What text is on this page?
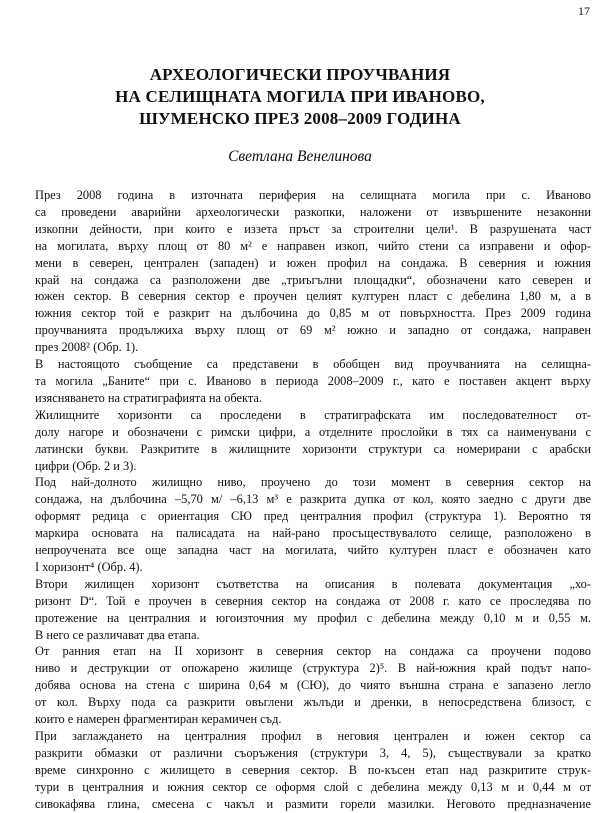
17
АРХЕОЛОГИЧЕСКИ ПРОУЧВАНИЯ
НА СЕЛИЩНАТА МОГИЛА ПРИ ИВАНОВО,
ШУМЕНСКО ПРЕЗ 2008–2009 ГОДИНА
Светлана Венелинова

През 2008 година в източната периферия на селищната могила при с. Иваново
са проведени аварийни археологически разкопки, наложени от извършените незаконни
изкопни дейности, при които е иззета пръст за строителни цели¹. В разрушената част
на могилата, върху площ от 80 м² е направен изкоп, чийто стени са изправени и офор-
мени в северен, централен (западен) и южен профил на сондажа. В северния и южния
край на сондажа са разположени две „триъгълни площадки“, обозначени като северен и
южен сектор. В северния сектор е проучен целият културен пласт с дебелина 1,80 м, а в
южния сектор той е разкрит на дълбочина до 0,85 м от повърхността. През 2009 година
проучванията продължиха върху площ от 69 м² южно и западно от сондажа, направен
през 2008² (Обр. 1).

В настоящото съобщение са представени в обобщен вид проучванията на селищна-
та могила „Баните“ при с. Иваново в периода 2008–2009 г., като е поставен акцент върху
изясняването на стратиграфията на обекта.

Жилищните хоризонти са проследени в стратиграфската им последователност от-
долу нагоре и обозначени с римски цифри, а отделните прослойки в тях са наименувани с
латински букви. Разкритите в жилищните хоризонти структури са номерирани с арабски
цифри (Обр. 2 и 3).

Под най-долното жилищно ниво, проучено до този момент в северния сектор на
сондажа, на дълбочина –5,70 м/ –6,13 м³ е разкрита дупка от кол, която заедно с други две
оформят редица с ориентация СЮ пред централния профил (структура 1). Вероятно тя
маркира основата на палисадата на най-рано просъществувалото селище, разположено в
непроучената все още западна част на могилата, чийто културен пласт е обозначен като
I хоризонт⁴ (Обр. 4).

Втори жилищен хоризонт съответства на описания в полевата документация „хо-
ризонт D“. Той е проучен в северния сектор на сондажа от 2008 г. като се проследява по
протежение на централния и югоизточния му профил с дебелина между 0,10 м и 0,55 м.
В него се различават два етапа.

От ранния етап на II хоризонт в северния сектор на сондажа са проучени подово
ниво и деструкции от опожарено жилище (структура 2)⁵. В най-южния край подът напо-
добява основа на стена с ширина 0,64 м (СЮ), до чиято външна страна е запазено легло
от кол. Върху пода са разкрити овъглени жълъди и дренки, в непосредствена близост, с
които е намерен фрагментиран керамичен съд.

При заглаждането на централния профил в неговия централен и южен сектор са
разкрити обмазки от различни съоръжения (структури 3, 4, 5), съществували за кратко
време синхронно с жилището в северния сектор. В по-късен етап над разкритите струк-
тури в централния и южния сектор се оформя слой с дебелина между 0,13 м и 0,44 м от
сивокафява глина, смесена с чакъл и размити горели мазилки. Неговото предназначение
